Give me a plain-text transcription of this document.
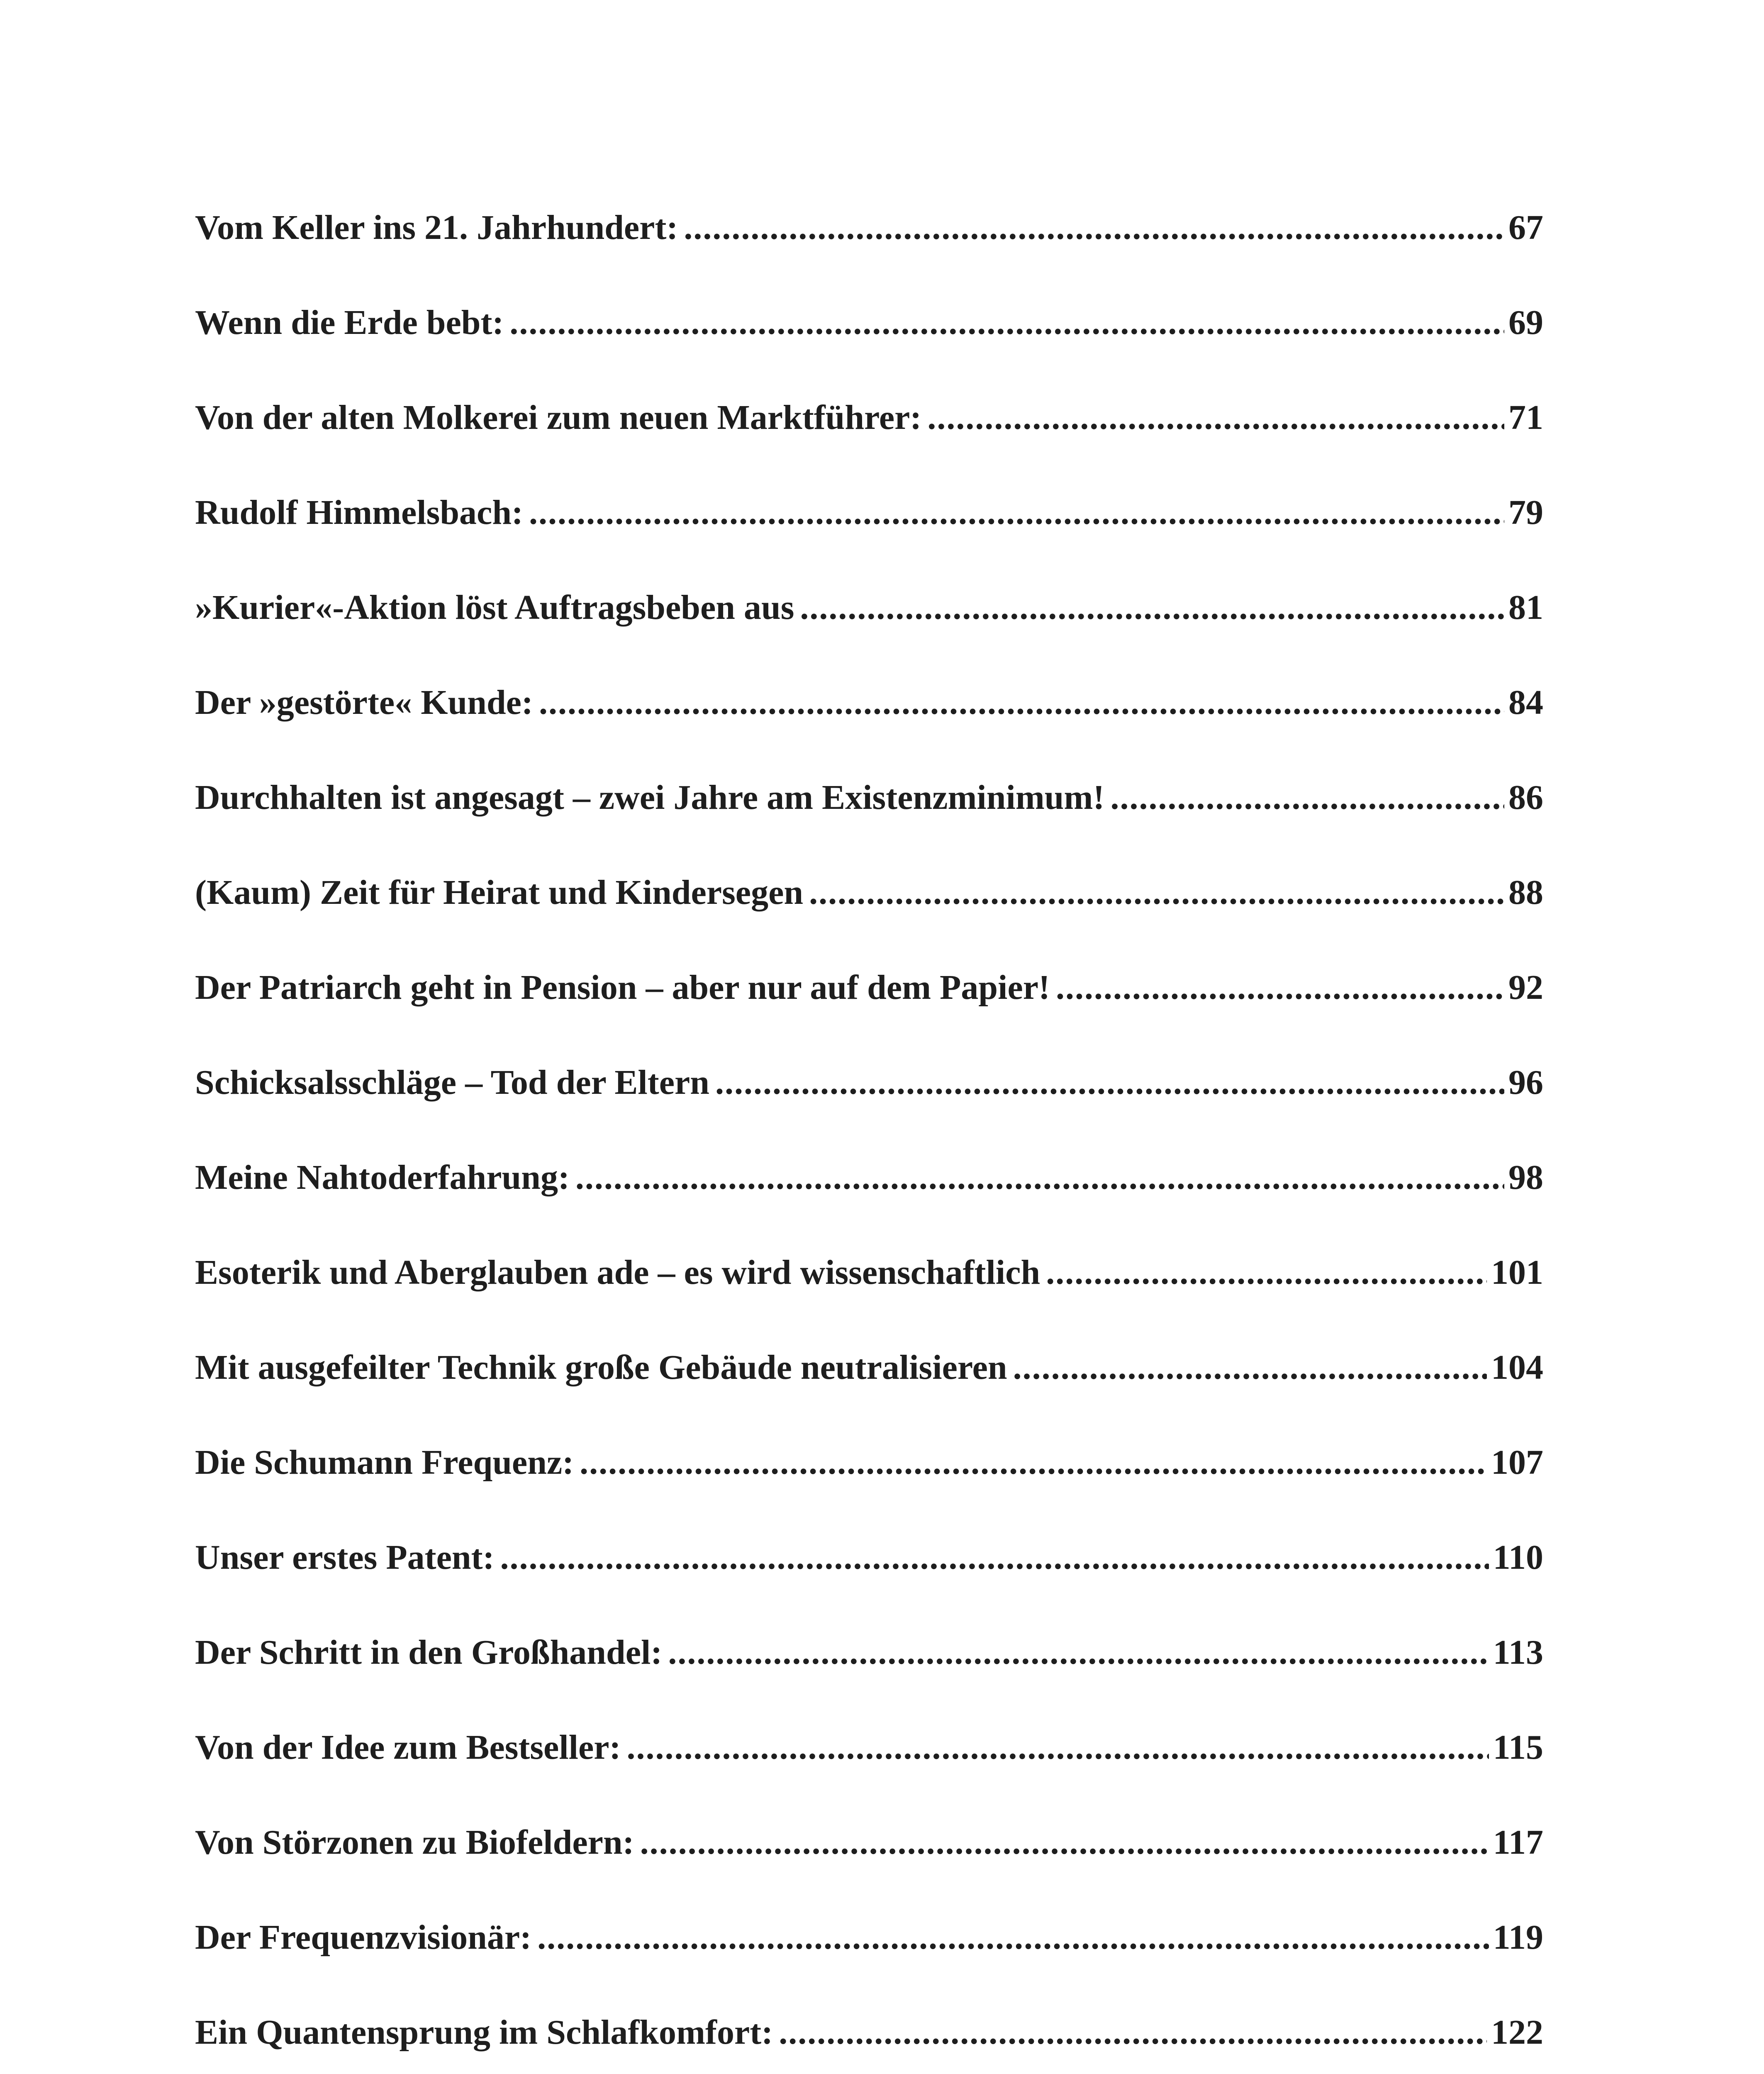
Vom Keller ins 21. Jahrhundert: .....	67
Wenn die Erde bebt: .....	69
Von der alten Molkerei zum neuen Marktführer: .....	71
Rudolf Himmelsbach: .....	79
»Kurier«-Aktion löst Auftragsbeben aus .....	81
Der »gestörte« Kunde: .....	84
Durchhalten ist angesagt – zwei Jahre am Existenzminimum! .....	86
(Kaum) Zeit für Heirat und Kindersegen .....	88
Der Patriarch geht in Pension – aber nur auf dem Papier! .....	92
Schicksalsschläge – Tod der Eltern .....	96
Meine Nahtoderfahrung: .....	98
Esoterik und Aberglauben ade – es wird wissenschaftlich .....	101
Mit ausgefeilter Technik große Gebäude neutralisieren .....	104
Die Schumann Frequenz: .....	107
Unser erstes Patent: .....	110
Der Schritt in den Großhandel: .....	113
Von der Idee zum Bestseller: .....	115
Von Störzonen zu Biofeldern: .....	117
Der Frequenzvisionär: .....	119
Ein Quantensprung im Schlafkomfort: .....	122
